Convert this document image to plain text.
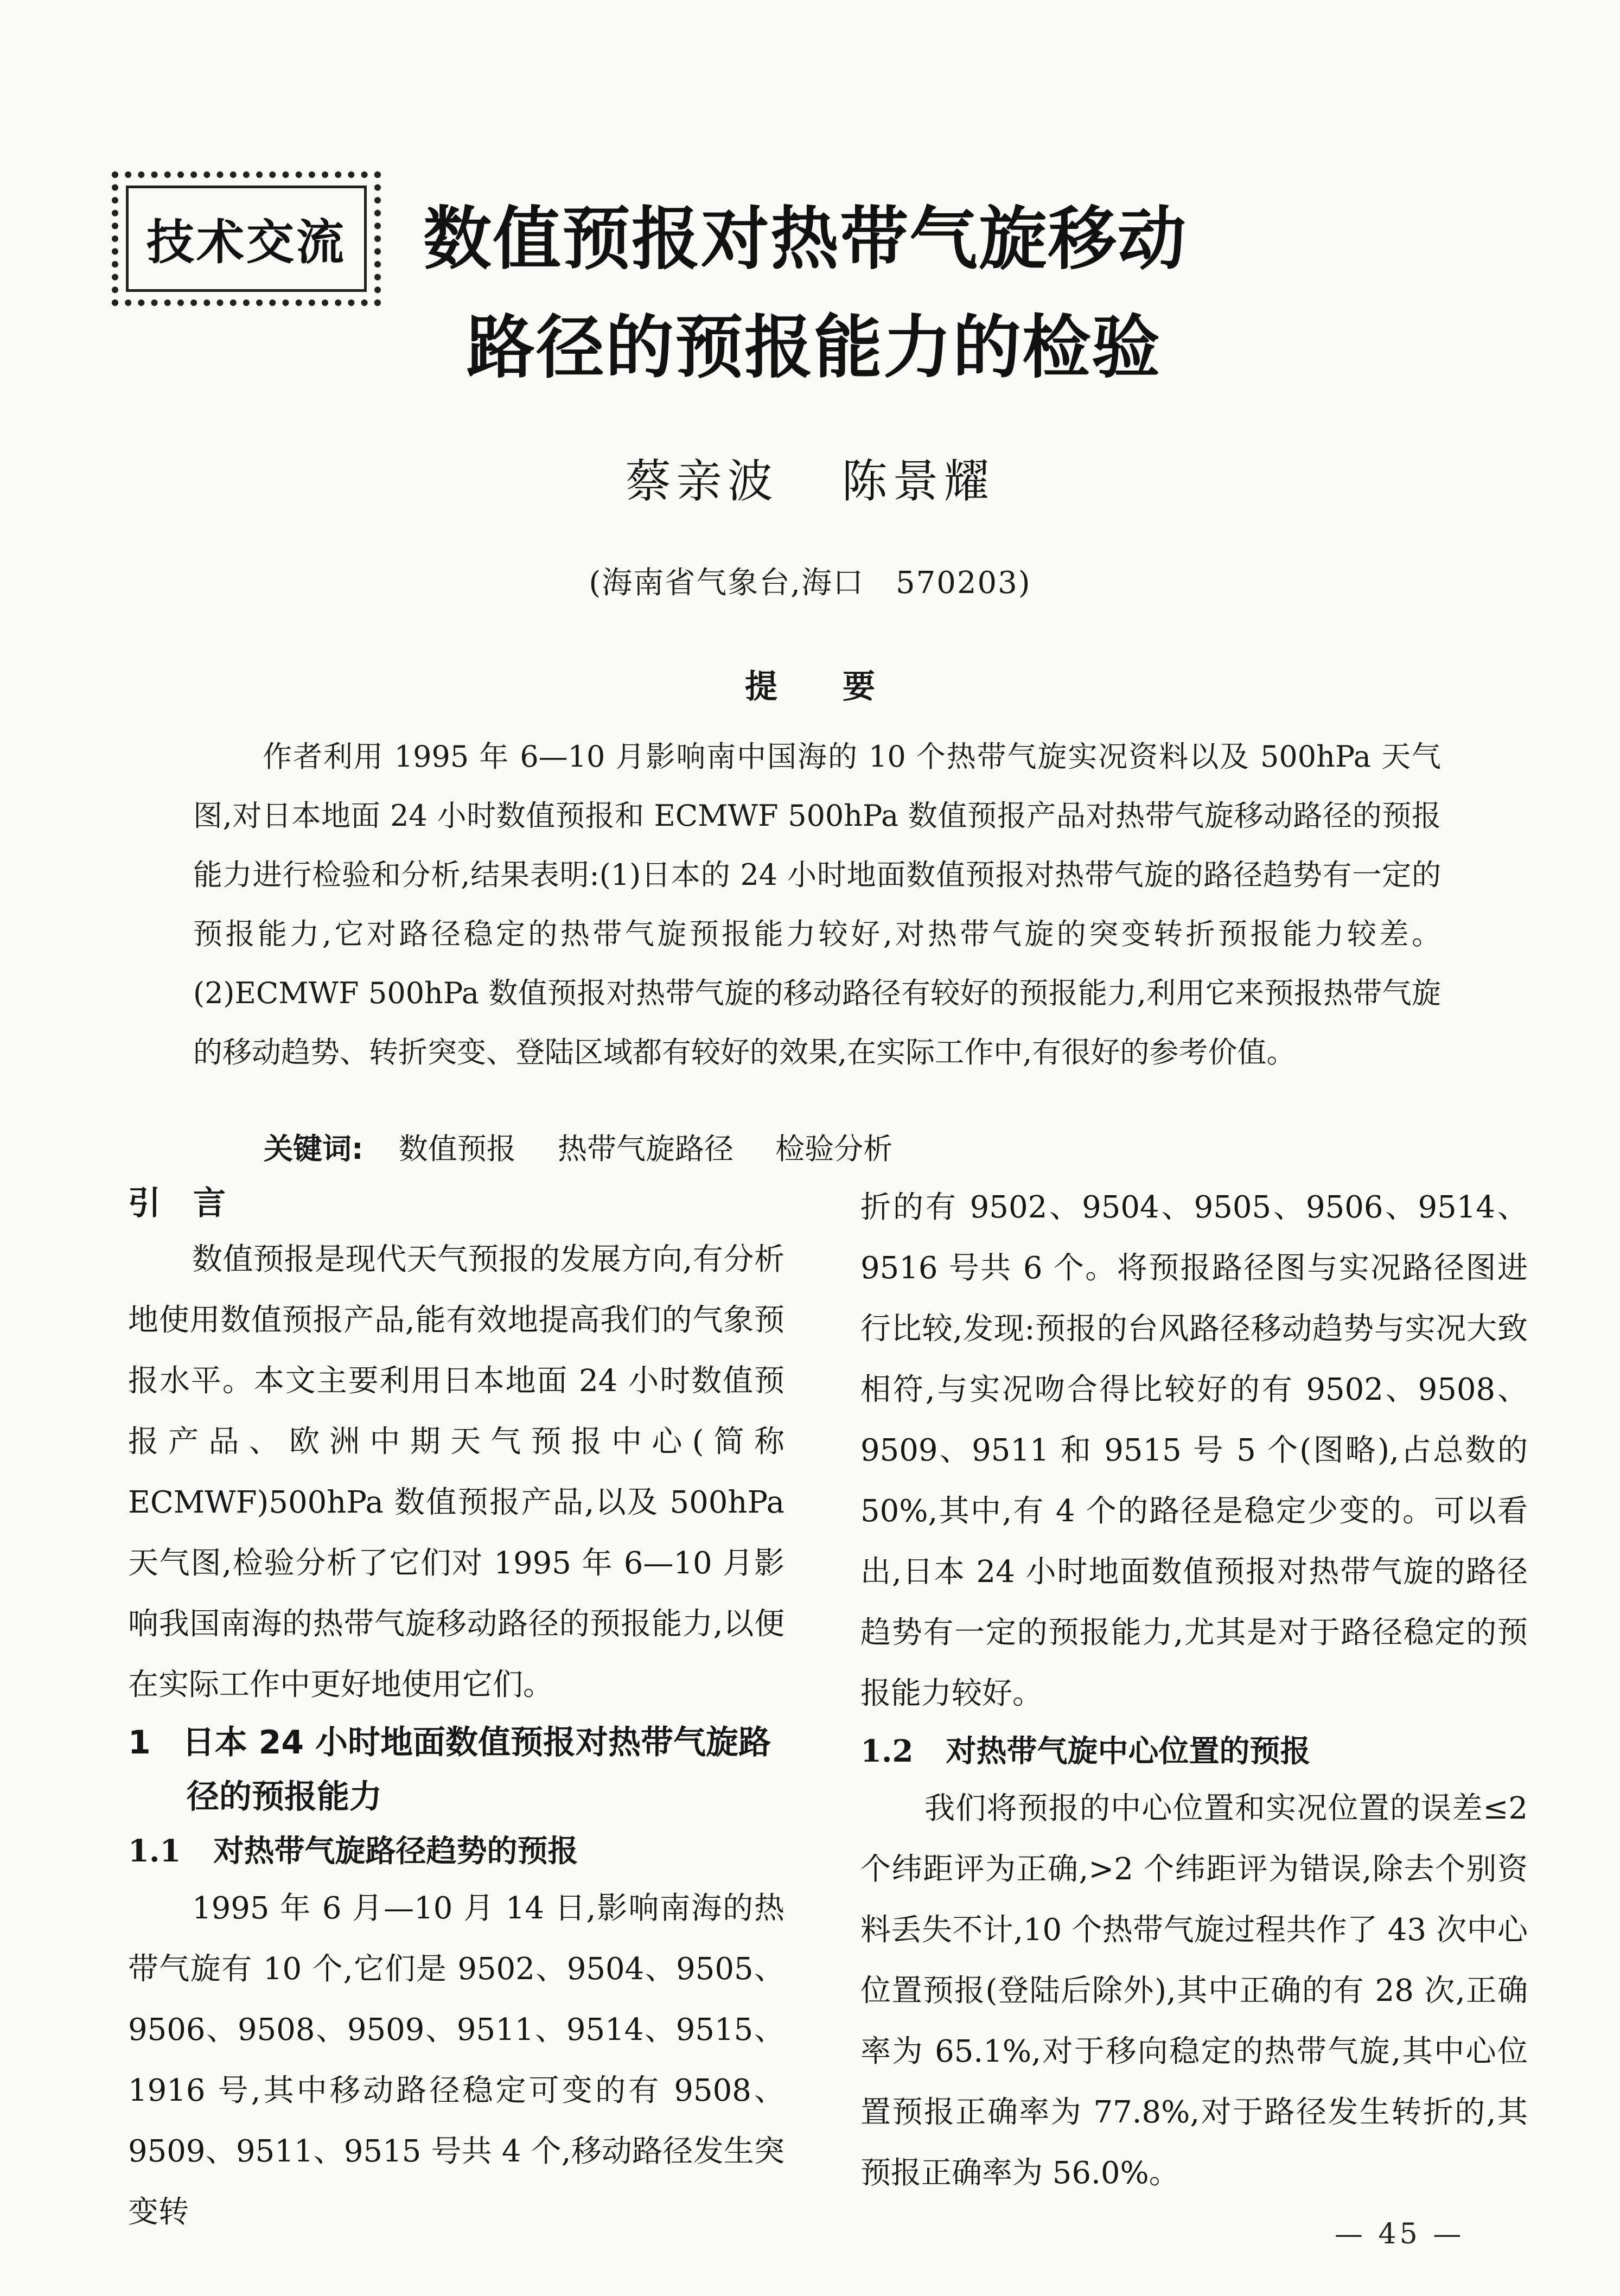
技术交流 数值预报对热带气旋移动
路径的预报能力的检验
蔡亲波 陈景耀
(海南省气象台,海口　570203)
提要

作者利用 1995 年 6—10 月影响南中国海的 10 个热带气旋实况资料以及 500hPa 天气图,对日本地面 24 小时数值预报和 ECMWF 500hPa 数值预报产品对热带气旋移动路径的预报能力进行检验和分析,结果表明:(1)日本的 24 小时地面数值预报对热带气旋的路径趋势有一定的预报能力,它对路径稳定的热带气旋预报能力较好,对热带气旋的突变转折预报能力较差。(2)ECMWF 500hPa 数值预报对热带气旋的移动路径有较好的预报能力,利用它来预报热带气旋的移动趋势、转折突变、登陆区域都有较好的效果,在实际工作中,有很好的参考价值。

关键词: 数值预报 热带气旋路径 检验分析
引　言

数值预报是现代天气预报的发展方向,有分析地使用数值预报产品,能有效地提高我们的气象预报水平。本文主要利用日本地面 24 小时数值预报产品、欧洲中期天气预报中心(简称 ECMWF)500hPa 数值预报产品,以及 500hPa 天气图,检验分析了它们对 1995 年 6—10 月影响我国南海的热带气旋移动路径的预报能力,以便在实际工作中更好地使用它们。

1 日本 24 小时地面数值预报对热带气旋路
径的预报能力
1.1 对热带气旋路径趋势的预报

1995 年 6 月—10 月 14 日,影响南海的热带气旋有 10 个,它们是 9502、9504、9505、9506、9508、9509、9511、9514、9515、1916 号,其中移动路径稳定可变的有 9508、9509、9511、9515 号共 4 个,移动路径发生突变转

折的有 9502、9504、9505、9506、9514、9516 号共 6 个。将预报路径图与实况路径图进行比较,发现:预报的台风路径移动趋势与实况大致相符,与实况吻合得比较好的有 9502、9508、9509、9511 和 9515 号 5 个(图略),占总数的 50%,其中,有 4 个的路径是稳定少变的。可以看出,日本 24 小时地面数值预报对热带气旋的路径趋势有一定的预报能力,尤其是对于路径稳定的预报能力较好。

1.2 对热带气旋中心位置的预报

我们将预报的中心位置和实况位置的误差≤2 个纬距评为正确,>2 个纬距评为错误,除去个别资料丢失不计,10 个热带气旋过程共作了 43 次中心位置预报(登陆后除外),其中正确的有 28 次,正确率为 65.1%,对于移向稳定的热带气旋,其中心位置预报正确率为 77.8%,对于路径发生转折的,其预报正确率为 56.0%。

— 45 —
